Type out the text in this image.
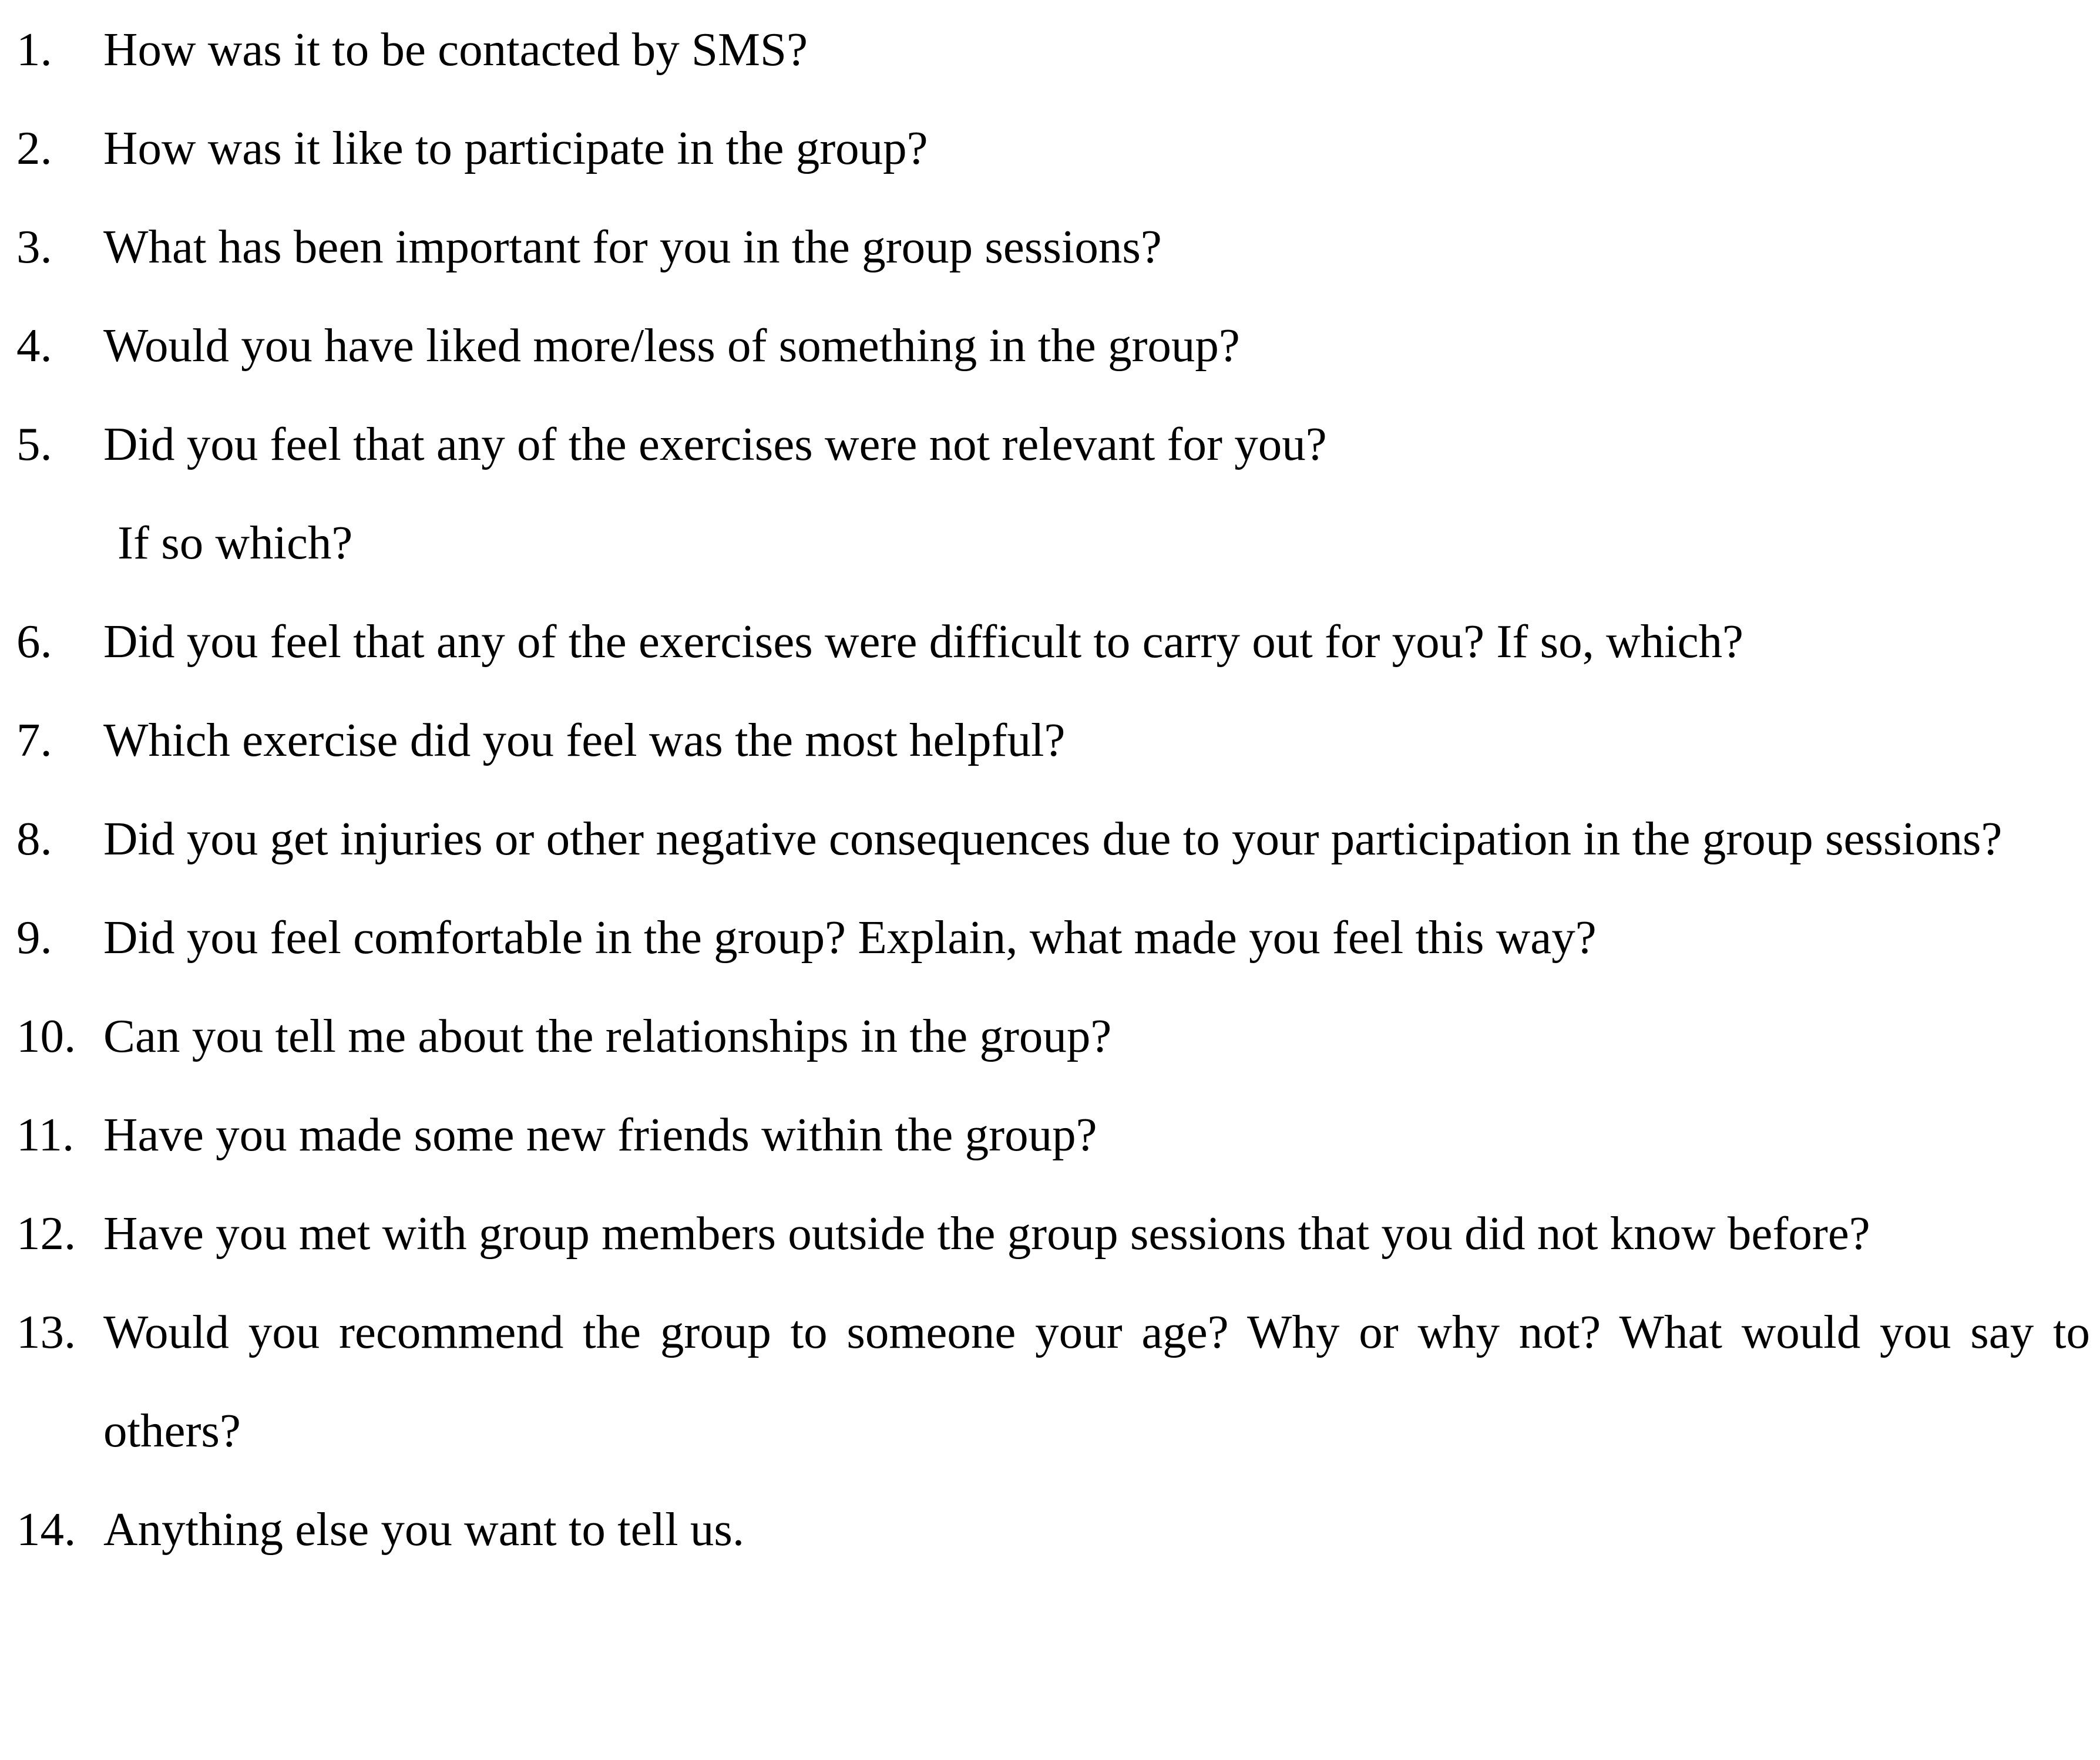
1.	How was it to be contacted by SMS?
2.	How was it like to participate in the group?
3.	What has been important for you in the group sessions?
4.	Would you have liked more/less of something in the group?
5.	Did you feel that any of the exercises were not relevant for you?
If so which?
6.	Did you feel that any of the exercises were difficult to carry out for you? If so, which?
7.	Which exercise did you feel was the most helpful?
8.	Did you get injuries or other negative consequences due to your participation in the group sessions?
9.	Did you feel comfortable in the group? Explain, what made you feel this way?
10. Can you tell me about the relationships in the group?
11. Have you made some new friends within the group?
12. Have you met with group members outside the group sessions that you did not know before?
13. Would you recommend the group to someone your age? Why or why not? What would you say to others?
14. Anything else you want to tell us.
